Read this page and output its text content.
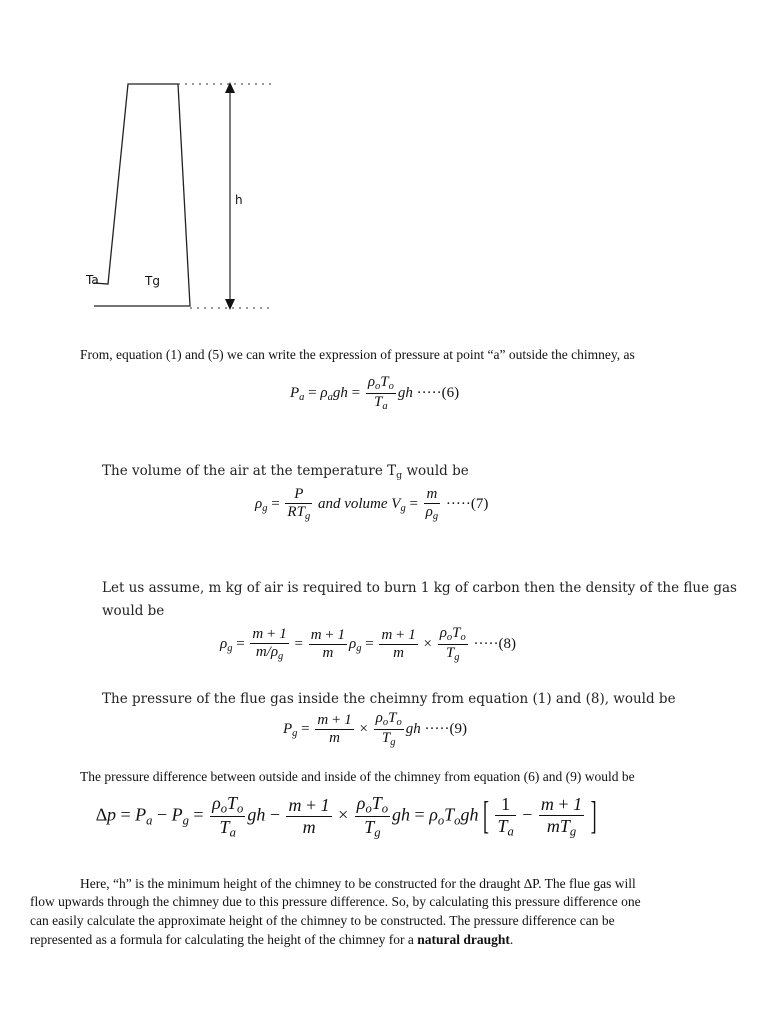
h
Ta	Tg
From, equation (1) and (5) we can write the expression of pressure at point “a” outside the chimney, as
$P_a = \rho_agh = \frac{\rho_oT_o}{T_a}$ gh ·····(6)
The volume of the air at the temperature $T_g$ would be
$\rho_g = \frac{P}{RT_g}$ and volume $V_g = \frac{m}{\rho_g} \cdot\cdot\cdot\cdot\cdot(7)$
Let us assume, m kg of air is required to burn 1 kg of carbon then the density of the flue gas
would be
$\rho_g = \frac{m + 1}{m/\rho_g} = \frac{m + 1}{m} \rho_g = \frac{m + 1}{m} \times \frac{\rho_oT_o}{T_g} \cdot\cdot\cdot\cdot\cdot(8)$
The pressure of the flue gas inside the cheimny from equation (1) and (8), would be
$P_g = \frac{m + 1}{m} \times \frac{\rho_oT_o}{T_g}$ gh ·····(9)
The pressure difference between outside and inside of the chimney from equation (6) and (9) would be
$\Delta p = P_a - P_g = \frac{\rho_oT_o}{T_a}$ gh − $\frac{m + 1}{m} \times \frac{\rho_oT_o}{T_g}$ gh = $\rho_oT_ogh$ [ $\frac{1}{T_a} - \frac{m + 1}{mT_g}$ ]
Here, “h” is the minimum height of the chimney to be constructed for the draught ∆P. The flue gas will
flow upwards through the chimney due to this pressure difference. So, by calculating this pressure difference one
can easily calculate the approximate height of the chimney to be constructed. The pressure difference can be
represented as a formula for calculating the height of the chimney for a natural draught.
